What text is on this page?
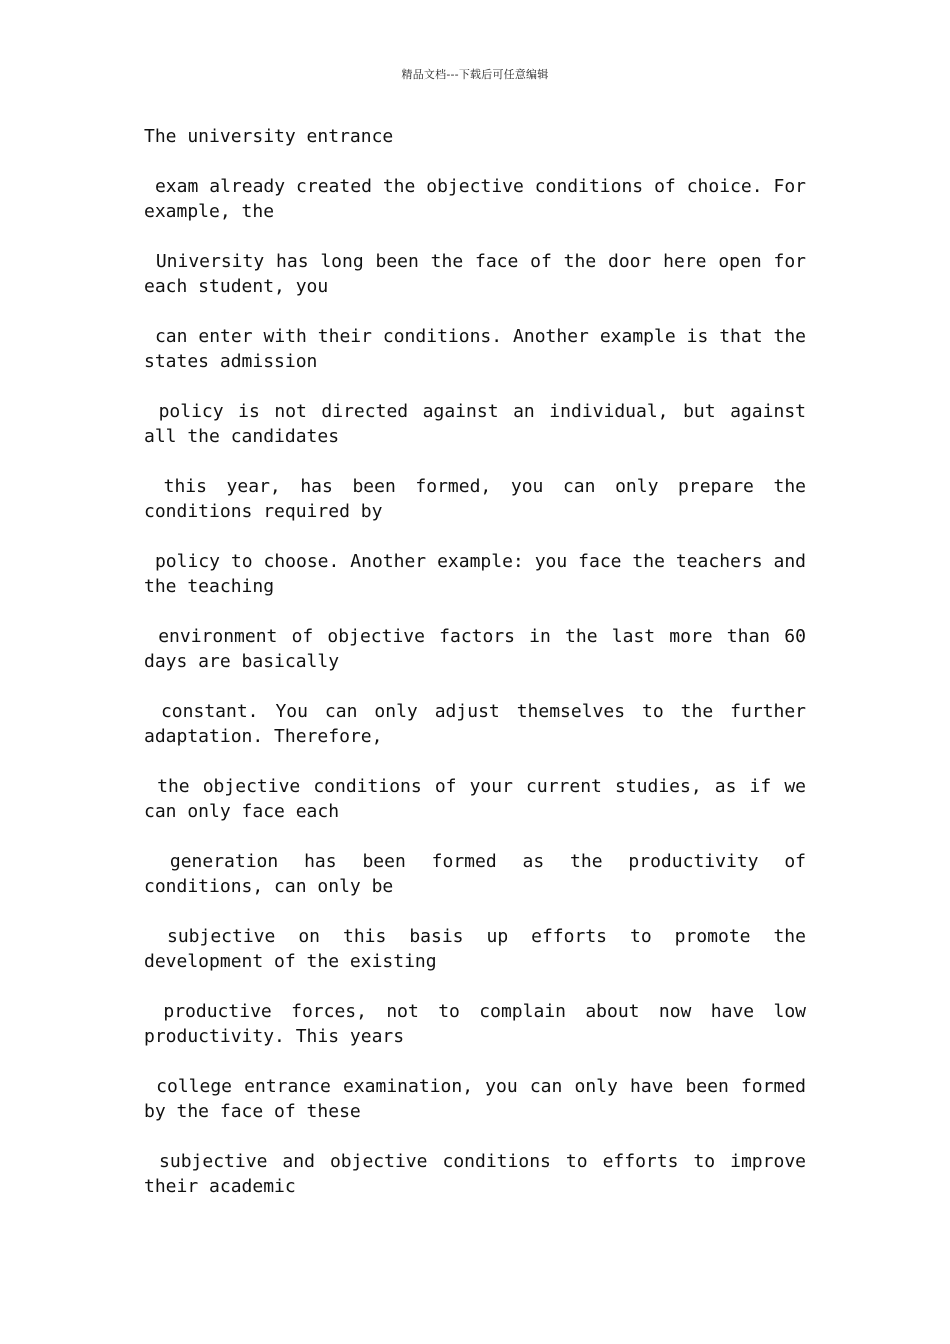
精品文档---下载后可任意编辑

The university entrance

exam already created the objective conditions of choice. For example, the

University has long been the face of the door here open for each student, you

can enter with their conditions. Another example is that the states admission

policy is not directed against an individual, but against all the candidates

this year, has been formed, you can only prepare the conditions required by

policy to choose. Another example: you face the teachers and the teaching

environment of objective factors in the last more than 60 days are basically

constant. You can only adjust themselves to the further adaptation. Therefore,

the objective conditions of your current studies, as if we can only face each

generation has been formed as the productivity of conditions, can only be

subjective on this basis up efforts to promote the development of the existing

productive forces, not to complain about now have low productivity. This years

college entrance examination, you can only have been formed by the face of these

subjective and objective conditions to efforts to improve their academic
